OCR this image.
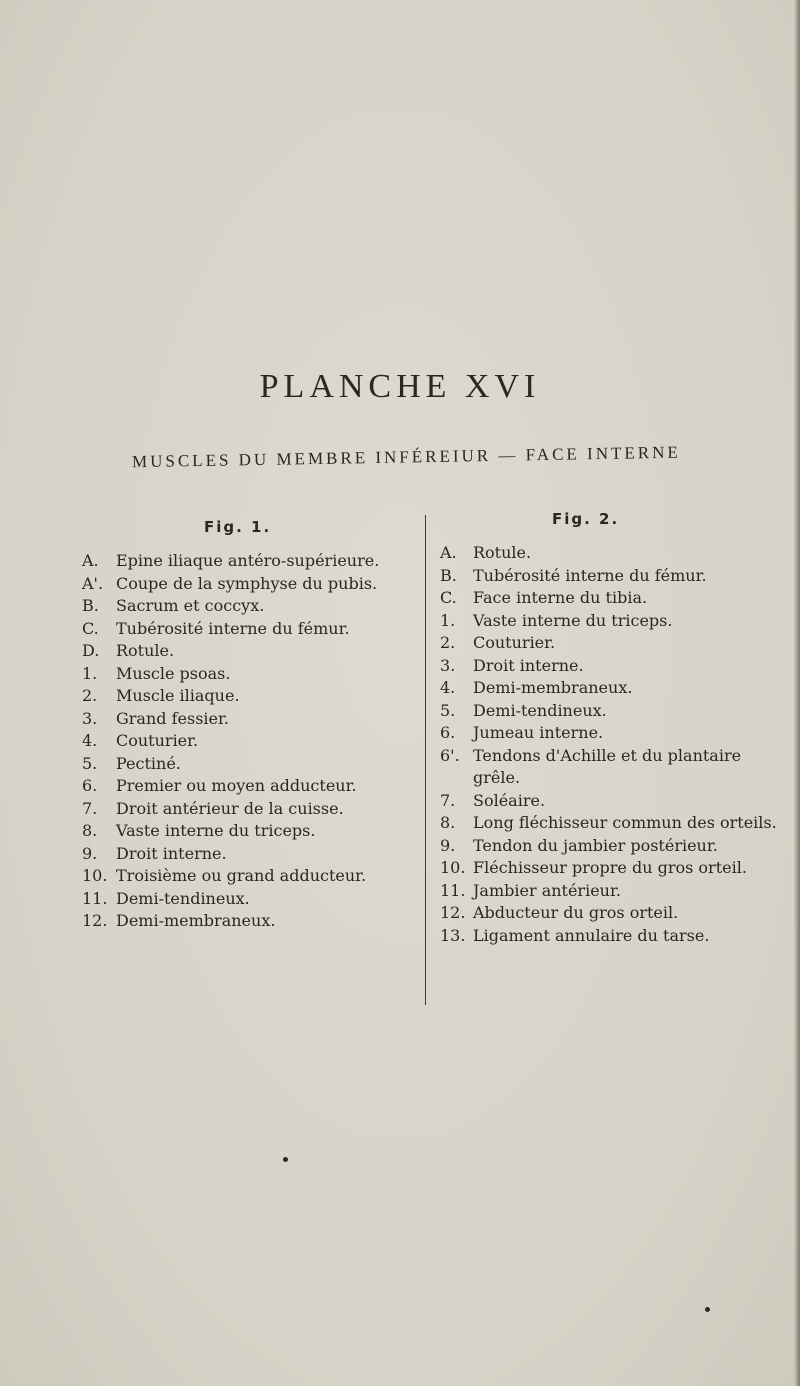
PLANCHE XVI
MUSCLES DU MEMBRE INFÉREIUR — FACE INTERNE
Fig. 1.
A.	Epine iliaque antéro-supérieure.
A'. Coupe de la symphyse du pubis.
B.	Sacrum et coccyx.
C.	Tubérosité interne du fémur.
D.	Rotule.
1.	Muscle psoas.
2.	Muscle iliaque.
3.	Grand fessier.
4.	Couturier.
5.	Pectiné.
6.	Premier ou moyen adducteur.
7.	Droit antérieur de la cuisse.
8.	Vaste interne du triceps.
9.	Droit interne.
10. Troisième ou grand adducteur.
11. Demi-tendineux.
12. Demi-membraneux.
Fig. 2.
A.	Rotule.
B.	Tubérosité interne du fémur.
C.	Face interne du tibia.
1.	Vaste interne du triceps.
2.	Couturier.
3.	Droit interne.
4.	Demi-membraneux.
5.	Demi-tendineux.
6.	Jumeau interne.
6'. Tendons d'Achille et du plantaire grêle.
7.	Soléaire.
8.	Long fléchisseur commun des orteils.
9.	Tendon du jambier postérieur.
10. Fléchisseur propre du gros orteil.
11. Jambier antérieur.
12. Abducteur du gros orteil.
13. Ligament annulaire du tarse.
